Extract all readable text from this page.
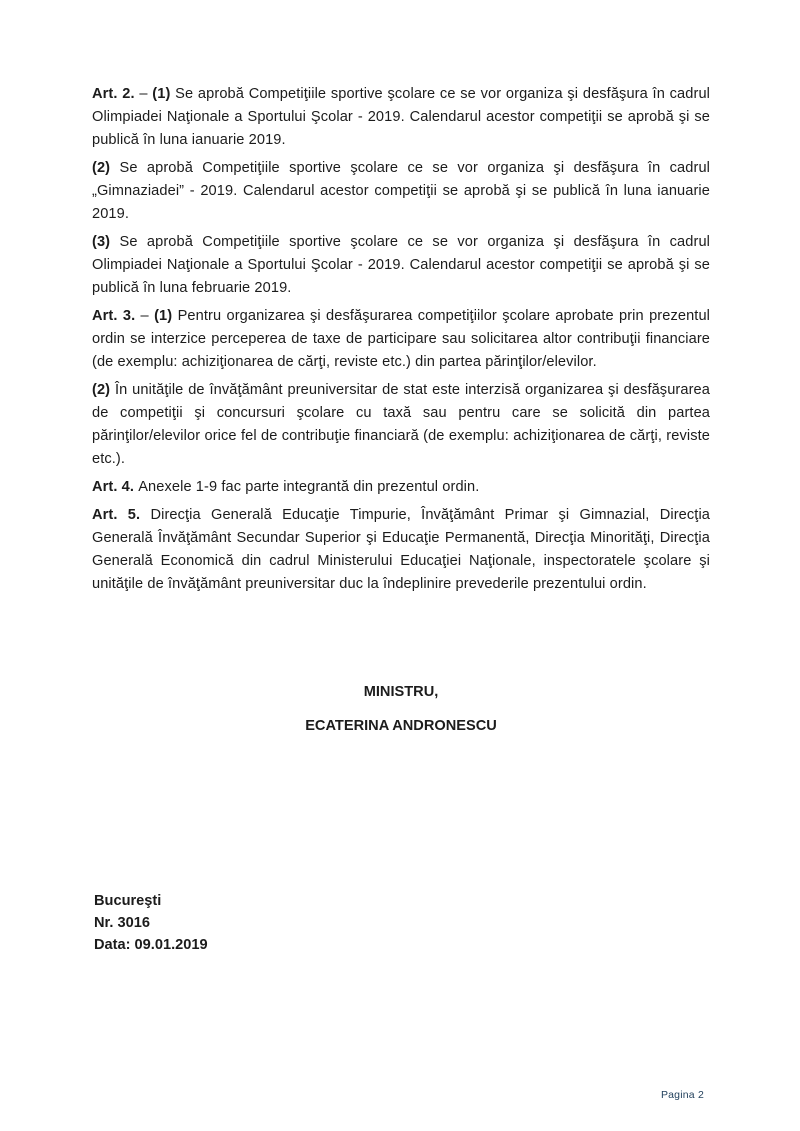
Art. 2. – (1) Se aprobă Competiţiile sportive şcolare ce se vor organiza şi desfăşura în cadrul Olimpiadei Naţionale a Sportului Şcolar - 2019. Calendarul acestor competiţii se aprobă şi se publică în luna ianuarie 2019.

(2) Se aprobă Competiţiile sportive şcolare ce se vor organiza şi desfăşura în cadrul „Gimnaziadei” - 2019. Calendarul acestor competiţii se aprobă şi se publică în luna ianuarie 2019.

(3) Se aprobă Competiţiile sportive şcolare ce se vor organiza şi desfăşura în cadrul Olimpiadei Naţionale a Sportului Şcolar - 2019. Calendarul acestor competiţii se aprobă şi se publică în luna februarie 2019.

Art. 3. – (1) Pentru organizarea şi desfăşurarea competiţiilor şcolare aprobate prin prezentul ordin se interzice perceperea de taxe de participare sau solicitarea altor contribuţii financiare (de exemplu: achiziţionarea de cărţi, reviste etc.) din partea părinţilor/elevilor.

(2) În unităţile de învăţământ preuniversitar de stat este interzisă organizarea şi desfăşurarea de competiţii şi concursuri şcolare cu taxă sau pentru care se solicită din partea părinţilor/elevilor orice fel de contribuţie financiară (de exemplu: achiziţionarea de cărţi, reviste etc.).

Art. 4. Anexele 1-9 fac parte integrantă din prezentul ordin.

Art. 5. Direcţia Generală Educaţie Timpurie, Învăţământ Primar şi Gimnazial, Direcţia Generală Învăţământ Secundar Superior şi Educaţie Permanentă, Direcţia Minorităţi, Direcţia Generală Economică din cadrul Ministerului Educaţiei Naţionale, inspectoratele şcolare şi unităţile de învăţământ preuniversitar duc la îndeplinire prevederile prezentului ordin.

MINISTRU,
ECATERINA ANDRONESCU
Bucureşti
Nr. 3016
Data: 09.01.2019
Pagina 2
